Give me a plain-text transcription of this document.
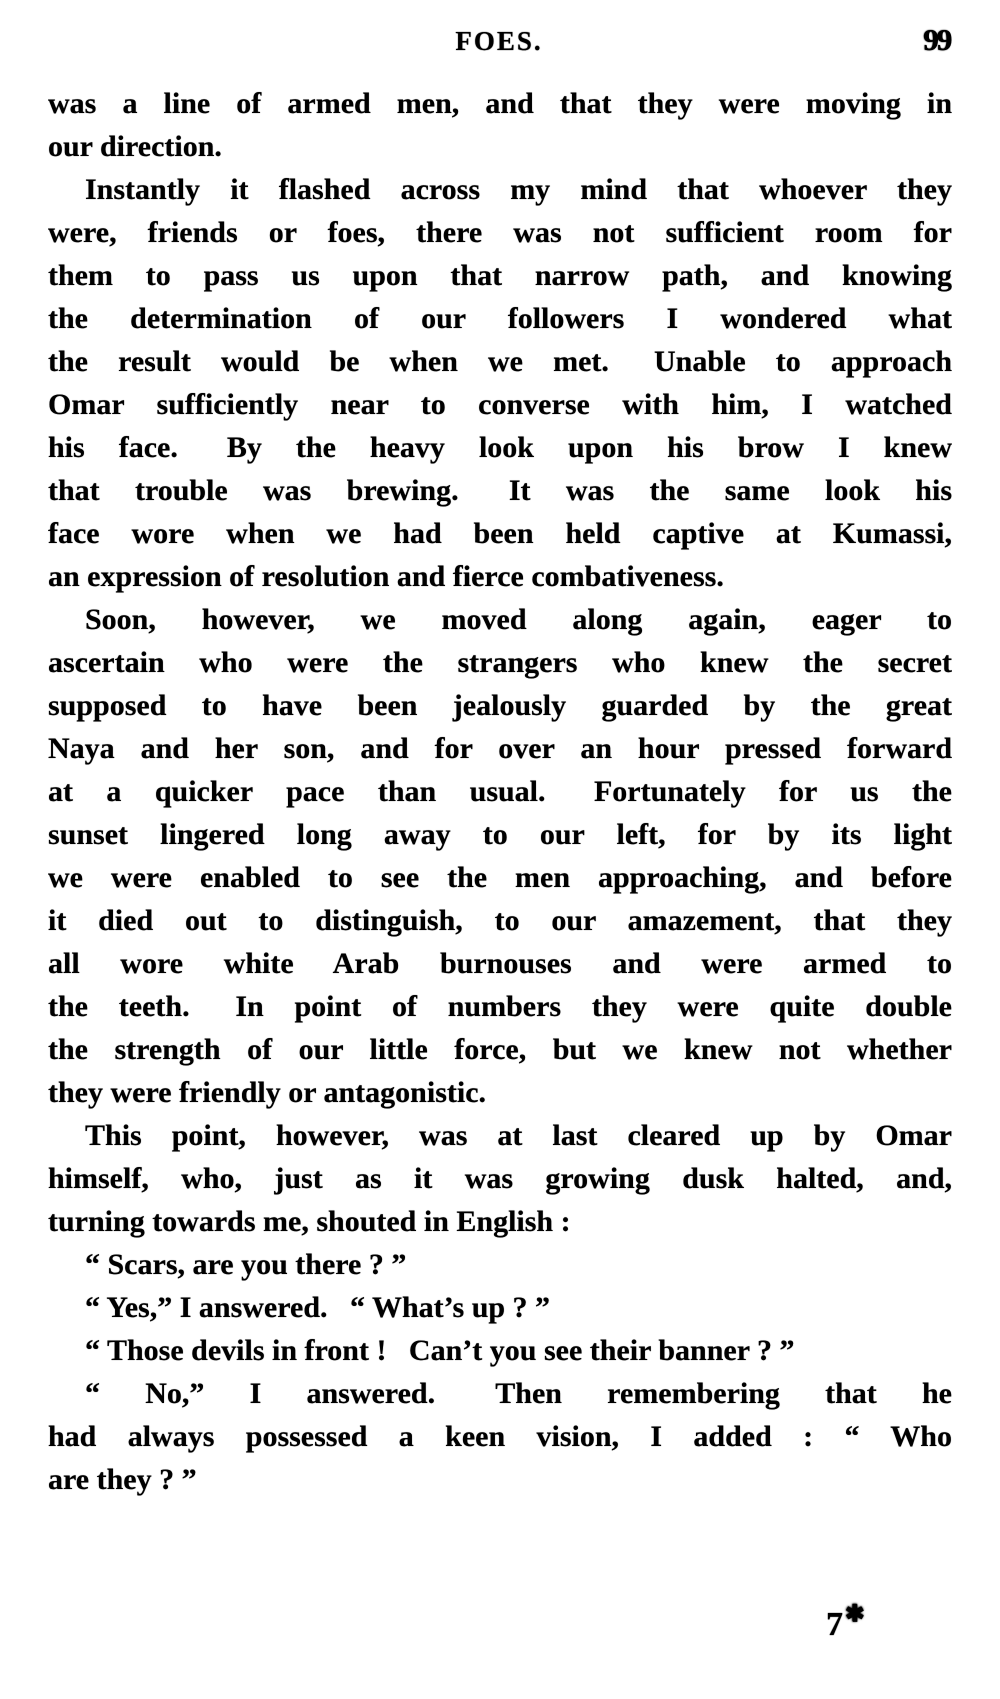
FOES.	99
was a line of armed men, and that they were moving in
our direction.
Instantly it flashed across my mind that whoever they
were, friends or foes, there was not sufficient room for
them to pass us upon that narrow path, and knowing
the determination of our followers I wondered what
the result would be when we met.  Unable to approach
Omar sufficiently near to converse with him, I watched
his face.  By the heavy look upon his brow I knew
that trouble was brewing.  It was the same look his
face wore when we had been held captive at Kumassi,
an expression of resolution and fierce combativeness.
Soon, however, we moved along again, eager to
ascertain who were the strangers who knew the secret
supposed to have been jealously guarded by the great
Naya and her son, and for over an hour pressed forward
at a quicker pace than usual.  Fortunately for us the
sunset lingered long away to our left, for by its light
we were enabled to see the men approaching, and before
it died out to distinguish, to our amazement, that they
all wore white Arab burnouses and were armed to
the teeth.  In point of numbers they were quite double
the strength of our little force, but we knew not whether
they were friendly or antagonistic.
This point, however, was at last cleared up by Omar
himself, who, just as it was growing dusk halted, and,
turning towards me, shouted in English :
“ Scars, are you there ? ”
“ Yes,” I answered.  “ What’s up ? ”
“ Those devils in front !  Can’t you see their banner ? ”
“ No,” I answered.  Then remembering that he
had always possessed a keen vision, I added : “ Who
are they ? ”
7✱
